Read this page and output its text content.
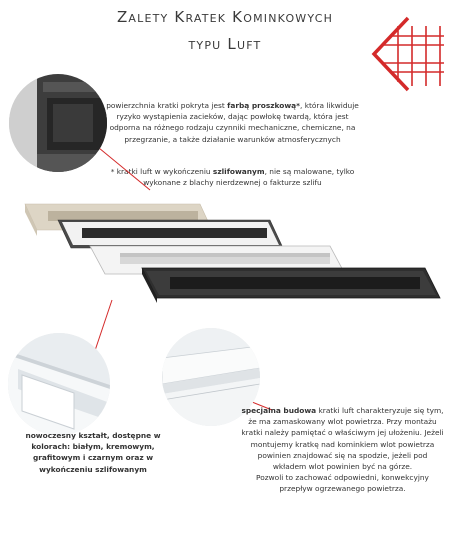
Zalety Kratek Kominkowych
typu Luft
powierzchnia kratki pokryta jest farbą proszkową*, która likwiduje ryzyko wystąpienia zacieków, dając powłokę twardą, która jest odporna na różnego rodzaju czynniki mechaniczne, chemiczne, na przegrzanie, a także działanie warunków atmosferycznych
* kratki luft w wykończeniu szlifowanym, nie są malowane, tylko wykonane z blachy nierdzewnej o fakturze szlifu
nowoczesny kształt, dostępne w kolorach: białym, kremowym, grafitowym i czarnym oraz w wykończeniu szlifowanym
specjalna budowa kratki luft charakteryzuje się tym, że ma zamaskowany wlot powietrza. Przy montażu kratki należy pamiętać o właściwym jej ułożeniu. Jeżeli montujemy kratkę nad kominkiem wlot powietrza powinien znajdować się na spodzie, jeżeli pod wkładem wlot powinien być na górze.
Pozwoli to zachować odpowiedni, konwekcyjny przepływ ogrzewanego powietrza.
